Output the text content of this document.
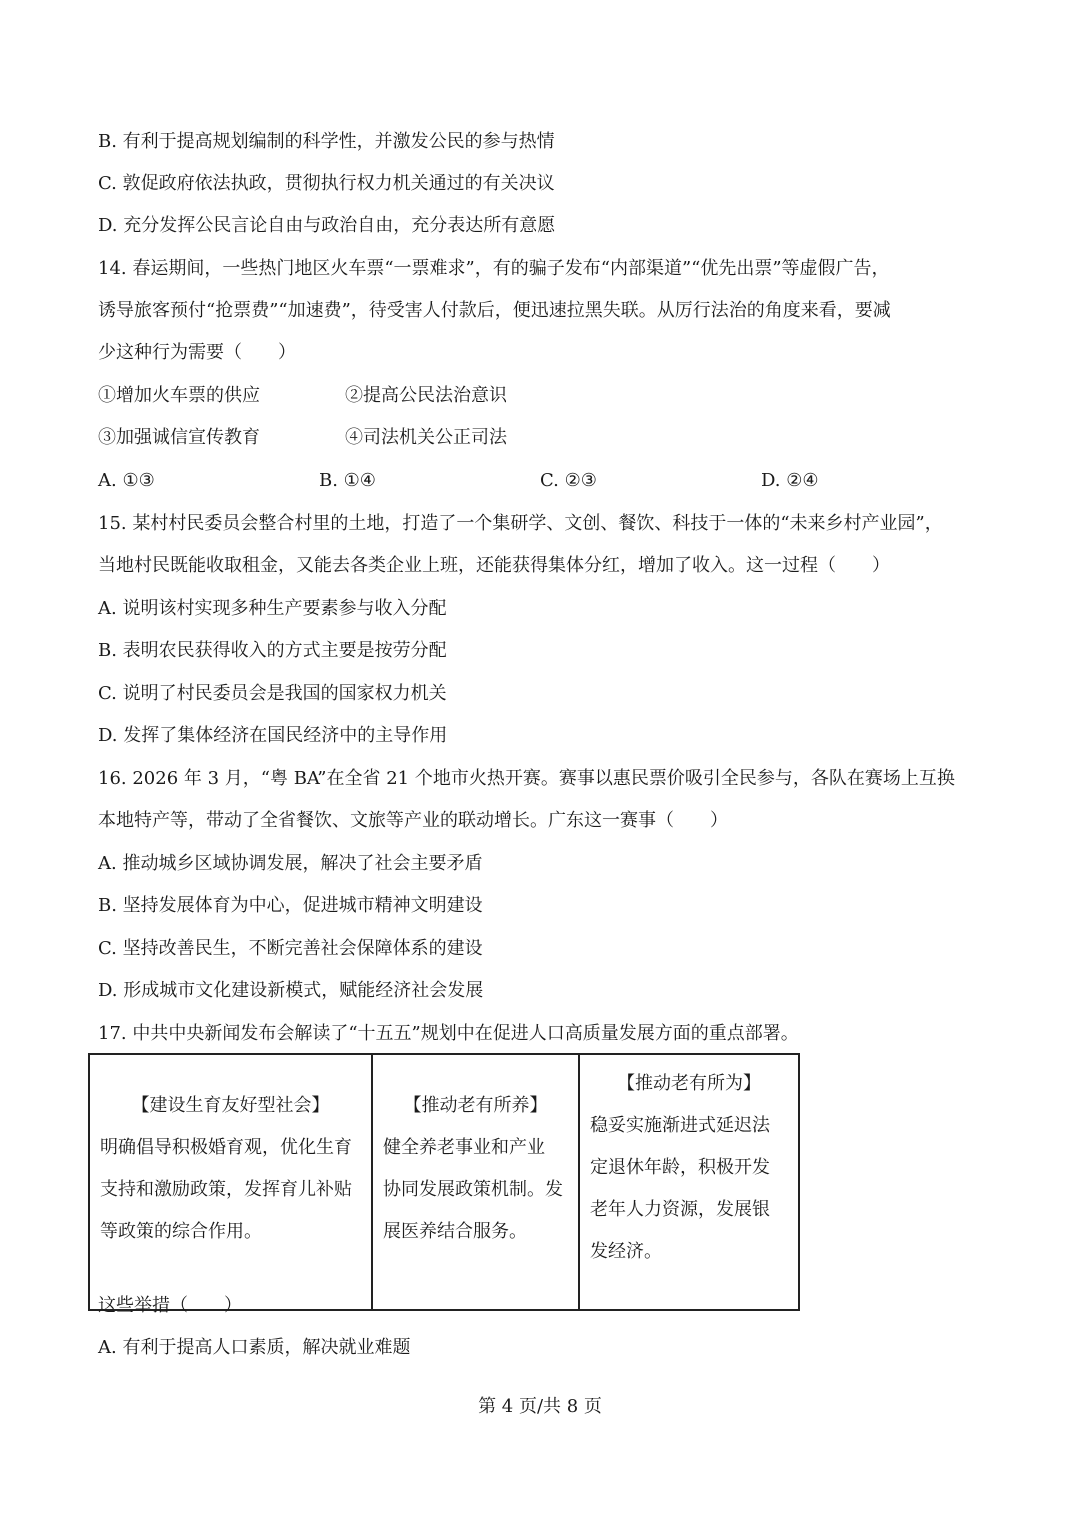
B. 有利于提高规划编制的科学性，并激发公民的参与热情
C. 敦促政府依法执政，贯彻执行权力机关通过的有关决议
D. 充分发挥公民言论自由与政治自由，充分表达所有意愿
14. 春运期间，一些热门地区火车票“一票难求”，有的骗子发布“内部渠道”“优先出票”等虚假广告，
诱导旅客预付“抢票费”“加速费”，待受害人付款后，便迅速拉黑失联。从厉行法治的角度来看，要减
少这种行为需要（　　）
①增加火车票的供应	②提高公民法治意识
③加强诚信宣传教育	④司法机关公正司法
A. ①③	B. ①④	C. ②③	D. ②④
15. 某村村民委员会整合村里的土地，打造了一个集研学、文创、餐饮、科技于一体的“未来乡村产业园”，
当地村民既能收取租金，又能去各类企业上班，还能获得集体分红，增加了收入。这一过程（　　）
A. 说明该村实现多种生产要素参与收入分配
B. 表明农民获得收入的方式主要是按劳分配
C. 说明了村民委员会是我国的国家权力机关
D. 发挥了集体经济在国民经济中的主导作用
16. 2026 年 3 月，“粤 BA”在全省 21 个地市火热开赛。赛事以惠民票价吸引全民参与，各队在赛场上互换
本地特产等，带动了全省餐饮、文旅等产业的联动增长。广东这一赛事（　　）
A. 推动城乡区域协调发展，解决了社会主要矛盾
B. 坚持发展体育为中心，促进城市精神文明建设
C. 坚持改善民生，不断完善社会保障体系的建设
D. 形成城市文化建设新模式，赋能经济社会发展
17. 中共中央新闻发布会解读了“十五五”规划中在促进人口高质量发展方面的重点部署。
【建设生育友好型社会】
明确倡导积极婚育观，优化生育
支持和激励政策，发挥育儿补贴
等政策的综合作用。

【推动老有所养】
健全养老事业和产业
协同发展政策机制。发
展医养结合服务。

【推动老有所为】
稳妥实施渐进式延迟法
定退休年龄，积极开发
老年人力资源，发展银
发经济。
这些举措（　　）
A. 有利于提高人口素质，解决就业难题
第 4 页/共 8 页
